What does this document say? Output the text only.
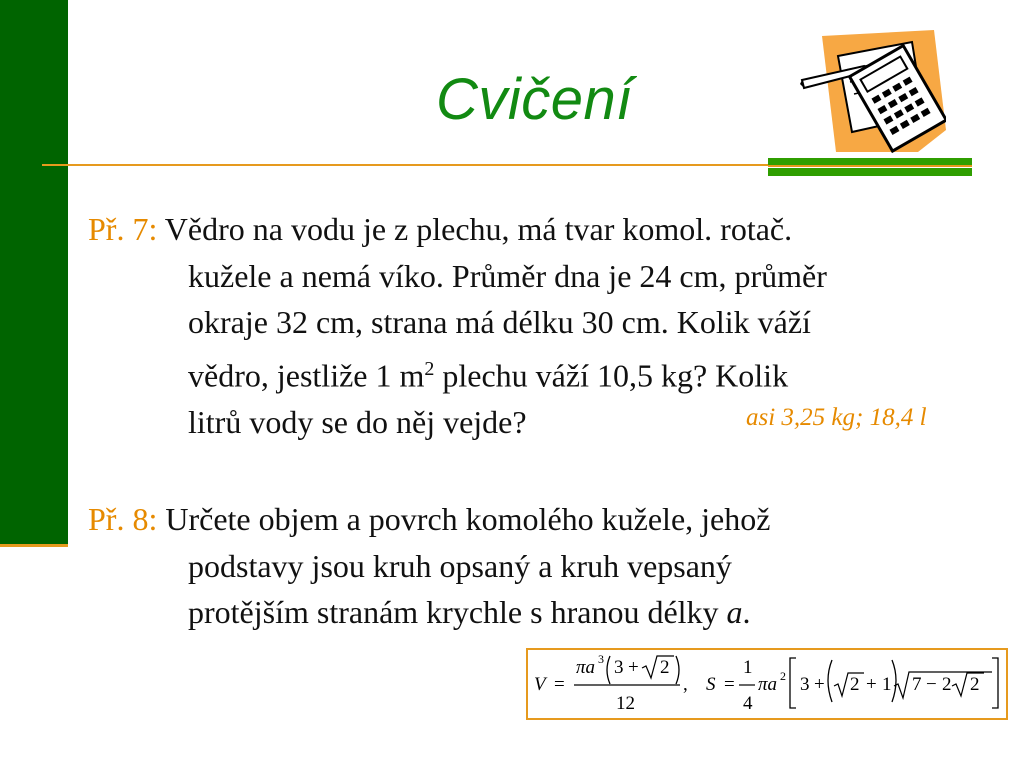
Cvičení

Př. 7: Vědro na vodu je z plechu, má tvar komol. rotač.

kužele a nemá víko. Průměr dna je 24 cm, průměr

okraje 32 cm, strana má délku 30 cm. Kolik váží

vědro, jestliže 1 $m^2$ plechu váží 10,5 kg? Kolik

litrů vody se do něj vejde?	asi 3,25 kg; 18,4 l

Př. 8: Určete objem a povrch komolého kužele, jehož

podstavy jsou kruh opsaný a kruh vepsaný

protějším stranám krychle s hranou délky a.

V =
πa 3 3 + 2
12
, S =
1
4
πa 2 3 + 2 + 1 7 − 2 2
